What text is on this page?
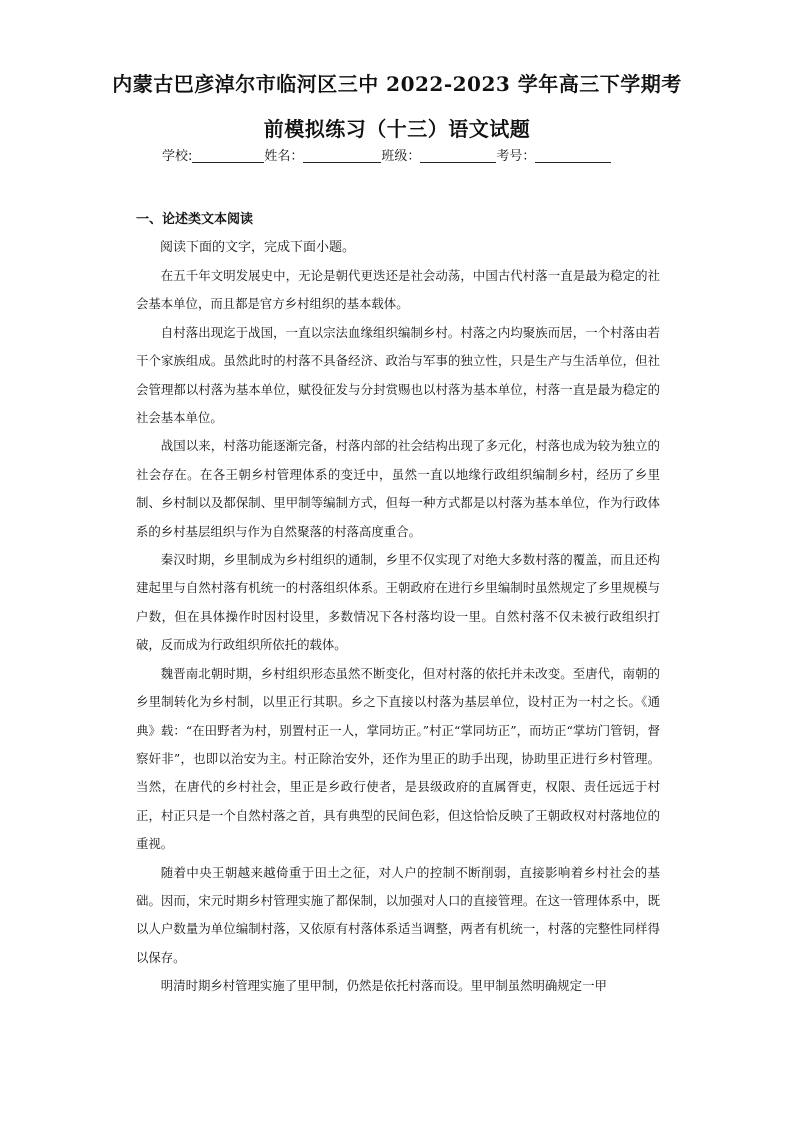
内蒙古巴彦淖尔市临河区三中 2022-2023 学年高三下学期考
前模拟练习（十三）语文试题
学校:	姓名：	班级：	考号：
一、论述类文本阅读
阅读下面的文字，完成下面小题。

在五千年文明发展史中，无论是朝代更迭还是社会动荡，中国古代村落一直是最为稳定的社会基本单位，而且都是官方乡村组织的基本载体。

自村落出现迄于战国，一直以宗法血缘组织编制乡村。村落之内均聚族而居，一个村落由若干个家族组成。虽然此时的村落不具备经济、政治与军事的独立性，只是生产与生活单位，但社会管理都以村落为基本单位，赋役征发与分封赏赐也以村落为基本单位，村落一直是最为稳定的社会基本单位。

战国以来，村落功能逐渐完备，村落内部的社会结构出现了多元化，村落也成为较为独立的社会存在。在各王朝乡村管理体系的变迁中，虽然一直以地缘行政组织编制乡村，经历了乡里制、乡村制以及都保制、里甲制等编制方式，但每一种方式都是以村落为基本单位，作为行政体系的乡村基层组织与作为自然聚落的村落高度重合。

秦汉时期，乡里制成为乡村组织的通制，乡里不仅实现了对绝大多数村落的覆盖，而且还构建起里与自然村落有机统一的村落组织体系。王朝政府在进行乡里编制时虽然规定了乡里规模与户数，但在具体操作时因村设里，多数情况下各村落均设一里。自然村落不仅未被行政组织打破，反而成为行政组织所依托的载体。

魏晋南北朝时期，乡村组织形态虽然不断变化，但对村落的依托并未改变。至唐代，南朝的乡里制转化为乡村制，以里正行其职。乡之下直接以村落为基层单位，设村正为一村之长。《通典》载：“在田野者为村，别置村正一人，掌同坊正。”村正“掌同坊正”，而坊正“掌坊门管钥，督察奸非”，也即以治安为主。村正除治安外，还作为里正的助手出现，协助里正进行乡村管理。当然，在唐代的乡村社会，里正是乡政行使者，是县级政府的直属胥吏，权限、责任远远于村正，村正只是一个自然村落之首，具有典型的民间色彩，但这恰恰反映了王朝政权对村落地位的重视。

随着中央王朝越来越倚重于田土之征，对人户的控制不断削弱，直接影响着乡村社会的基础。因而，宋元时期乡村管理实施了都保制，以加强对人口的直接管理。在这一管理体系中，既以人户数量为单位编制村落，又依原有村落体系适当调整，两者有机统一，村落的完整性同样得以保存。

明清时期乡村管理实施了里甲制，仍然是依托村落而设。里甲制虽然明确规定一甲
